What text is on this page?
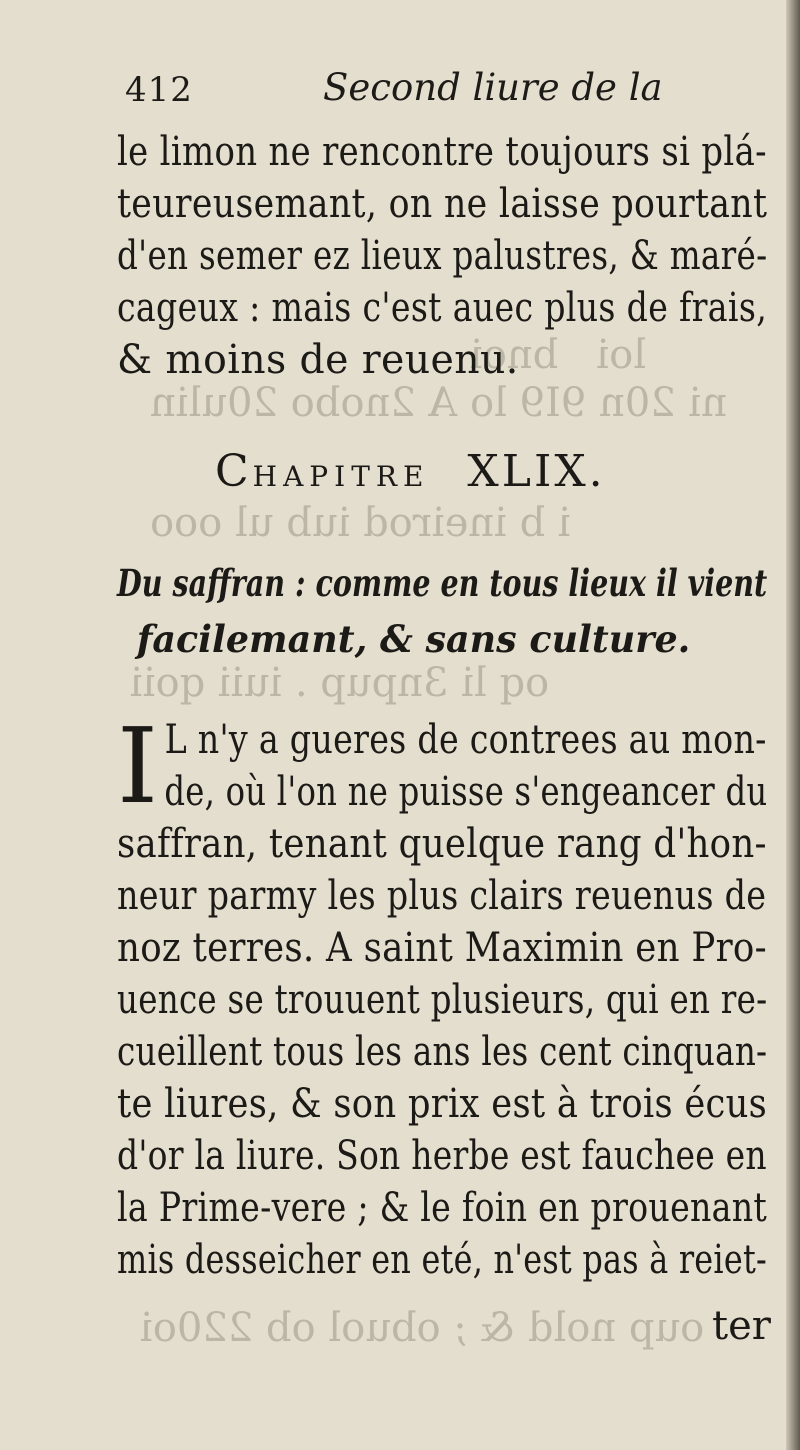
loi   bnoi
ni 20n 9I9 lo A 2nobo 20ulin
i b ineirod iub ul ooo
oq li 3npup . iuii qoii
oup nold & ; obuol ob 220oi
412	Second liure de la
le limon ne rencontre toujours si plá-
teureusemant, on ne laisse pourtant
d'en semer ez lieux palustres, & maré-
cageux : mais c'est auec plus de frais,
& moins de reuenu.
CHAPITRE XLIX.
Du saffran : comme en tous lieux il vient
facilemant, & sans culture.
I L n'y a gueres de contrees au mon-
de, où l'on ne puisse s'engeancer du
saffran, tenant quelque rang d'hon-
neur parmy les plus clairs reuenus de
noz terres. A saint Maximin en Pro-
uence se trouuent plusieurs, qui en re-
cueillent tous les ans les cent cinquan-
te liures, & son prix est à trois écus
d'or la liure. Son herbe est fauchee en
la Prime-vere ; & le foin en prouenant
mis desseicher en eté, n'est pas à reiet-
ter
